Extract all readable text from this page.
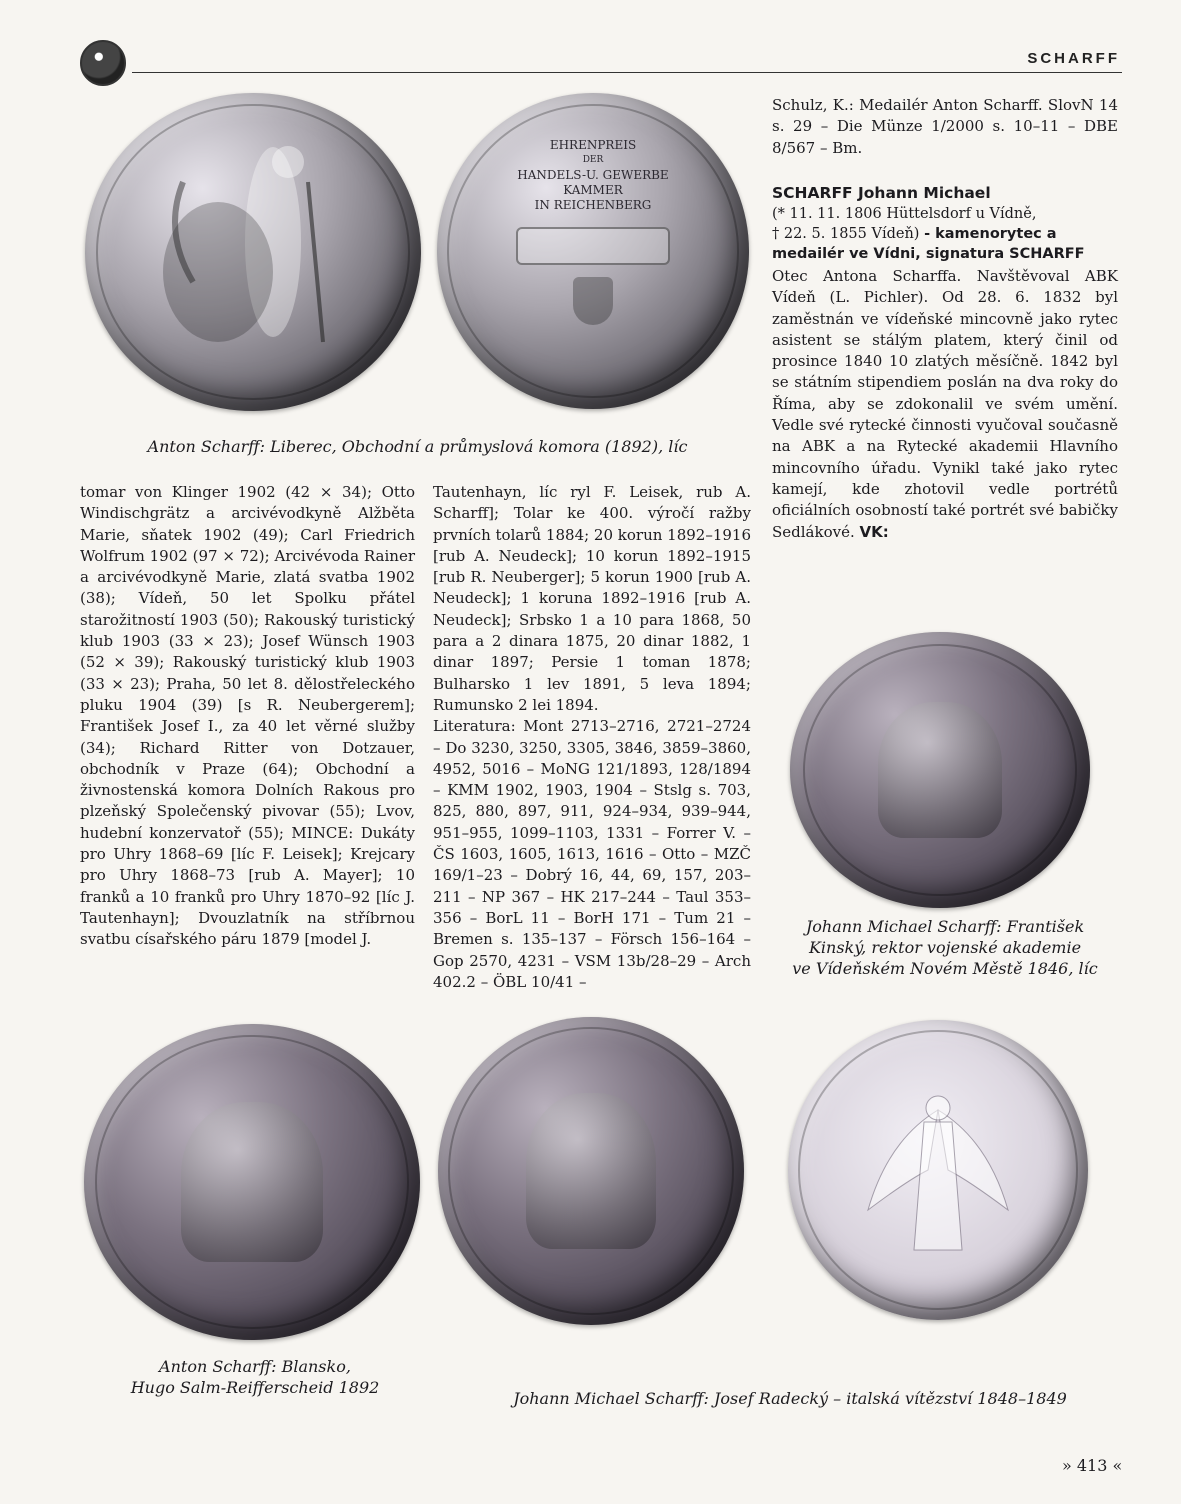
SCHARFF
EHRENPREIS
DER
HANDELS-U. GEWERBE
KAMMER
IN REICHENBERG
Anton Scharff: Liberec, Obchodní a průmyslová komora (1892), líc

Schulz, K.: Medailér Anton Scharff. SlovN 14 s. 29 – Die Münze 1/2000 s. 10–11 – DBE 8/567 – Bm.

SCHARFF Johann Michael
(* 11. 11. 1806 Hüttelsdorf u Vídně,
† 22. 5. 1855 Vídeň) - kamenorytec a medailér ve Vídni, signatura SCHARFF
Otec Antona Scharffa. Navštěvoval ABK Vídeň (L. Pichler). Od 28. 6. 1832 byl zaměstnán ve vídeňské mincovně jako rytec asistent se stálým platem, který činil od prosince 1840 10 zlatých měsíčně. 1842 byl se státním stipendiem poslán na dva roky do Říma, aby se zdokonalil ve svém umění. Vedle své rytecké činnosti vyučoval současně na ABK a na Rytecké akademii Hlavního mincovního úřadu. Vynikl také jako rytec kamejí, kde zhotovil vedle portrétů oficiálních osobností také portrét své babičky Sedlákové. VK:
Johann Michael Scharff: František
Kinský, rektor vojenské akademie
ve Vídeňském Novém Městě 1846, líc

tomar von Klinger 1902 (42 × 34); Otto Windischgrätz a arcivévodkyně Alžběta Marie, sňatek 1902 (49); Carl Friedrich Wolfrum 1902 (97 × 72); Arcivévoda Rainer a arcivévodkyně Marie, zlatá svatba 1902 (38); Vídeň, 50 let Spolku přátel starožitností 1903 (50); Rakouský turistický klub 1903 (33 × 23); Josef Wünsch 1903 (52 × 39); Rakouský turistický klub 1903 (33 × 23); Praha, 50 let 8. dělostřeleckého pluku 1904 (39) [s R. Neubergerem]; František Josef I., za 40 let věrné služby (34); Richard Ritter von Dotzauer, obchodník v Praze (64); Obchodní a živnostenská komora Dolních Rakous pro plzeňský Společenský pivovar (55); Lvov, hudební konzervatoř (55); MINCE: Dukáty pro Uhry 1868–69 [líc F. Leisek]; Krejcary pro Uhry 1868–73 [rub A. Mayer]; 10 franků a 10 franků pro Uhry 1870–92 [líc J. Tautenhayn]; Dvouzlatník na stříbrnou svatbu císařského páru 1879 [model J.

Tautenhayn, líc ryl F. Leisek, rub A. Scharff]; Tolar ke 400. výročí ražby prvních tolarů 1884; 20 korun 1892–1916 [rub A. Neudeck]; 10 korun 1892–1915 [rub R. Neuberger]; 5 korun 1900 [rub A. Neudeck]; 1 koruna 1892–1916 [rub A. Neudeck]; Srbsko 1 a 10 para 1868, 50 para a 2 dinara 1875, 20 dinar 1882, 1 dinar 1897; Persie 1 toman 1878; Bulharsko 1 lev 1891, 5 leva 1894; Rumunsko 2 lei 1894.

Literatura: Mont 2713–2716, 2721–2724 – Do 3230, 3250, 3305, 3846, 3859–3860, 4952, 5016 – MoNG 121/1893, 128/1894 – KMM 1902, 1903, 1904 – Stslg s. 703, 825, 880, 897, 911, 924–934, 939–944, 951–955, 1099–1103, 1331 – Forrer V. – ČS 1603, 1605, 1613, 1616 – Otto – MZČ 169/1–23 – Dobrý 16, 44, 69, 157, 203–211 – NP 367 – HK 217–244 – Taul 353–356 – BorL 11 – BorH 171 – Tum 21 – Bremen s. 135–137 – Försch 156–164 – Gop 2570, 4231 – VSM 13b/28–29 – Arch 402.2 – ÖBL 10/41 –

Anton Scharff: Blansko,
Hugo Salm-Reifferscheid 1892
Johann Michael Scharff: Josef Radecký – italská vítězství 1848–1849
» 413 «
